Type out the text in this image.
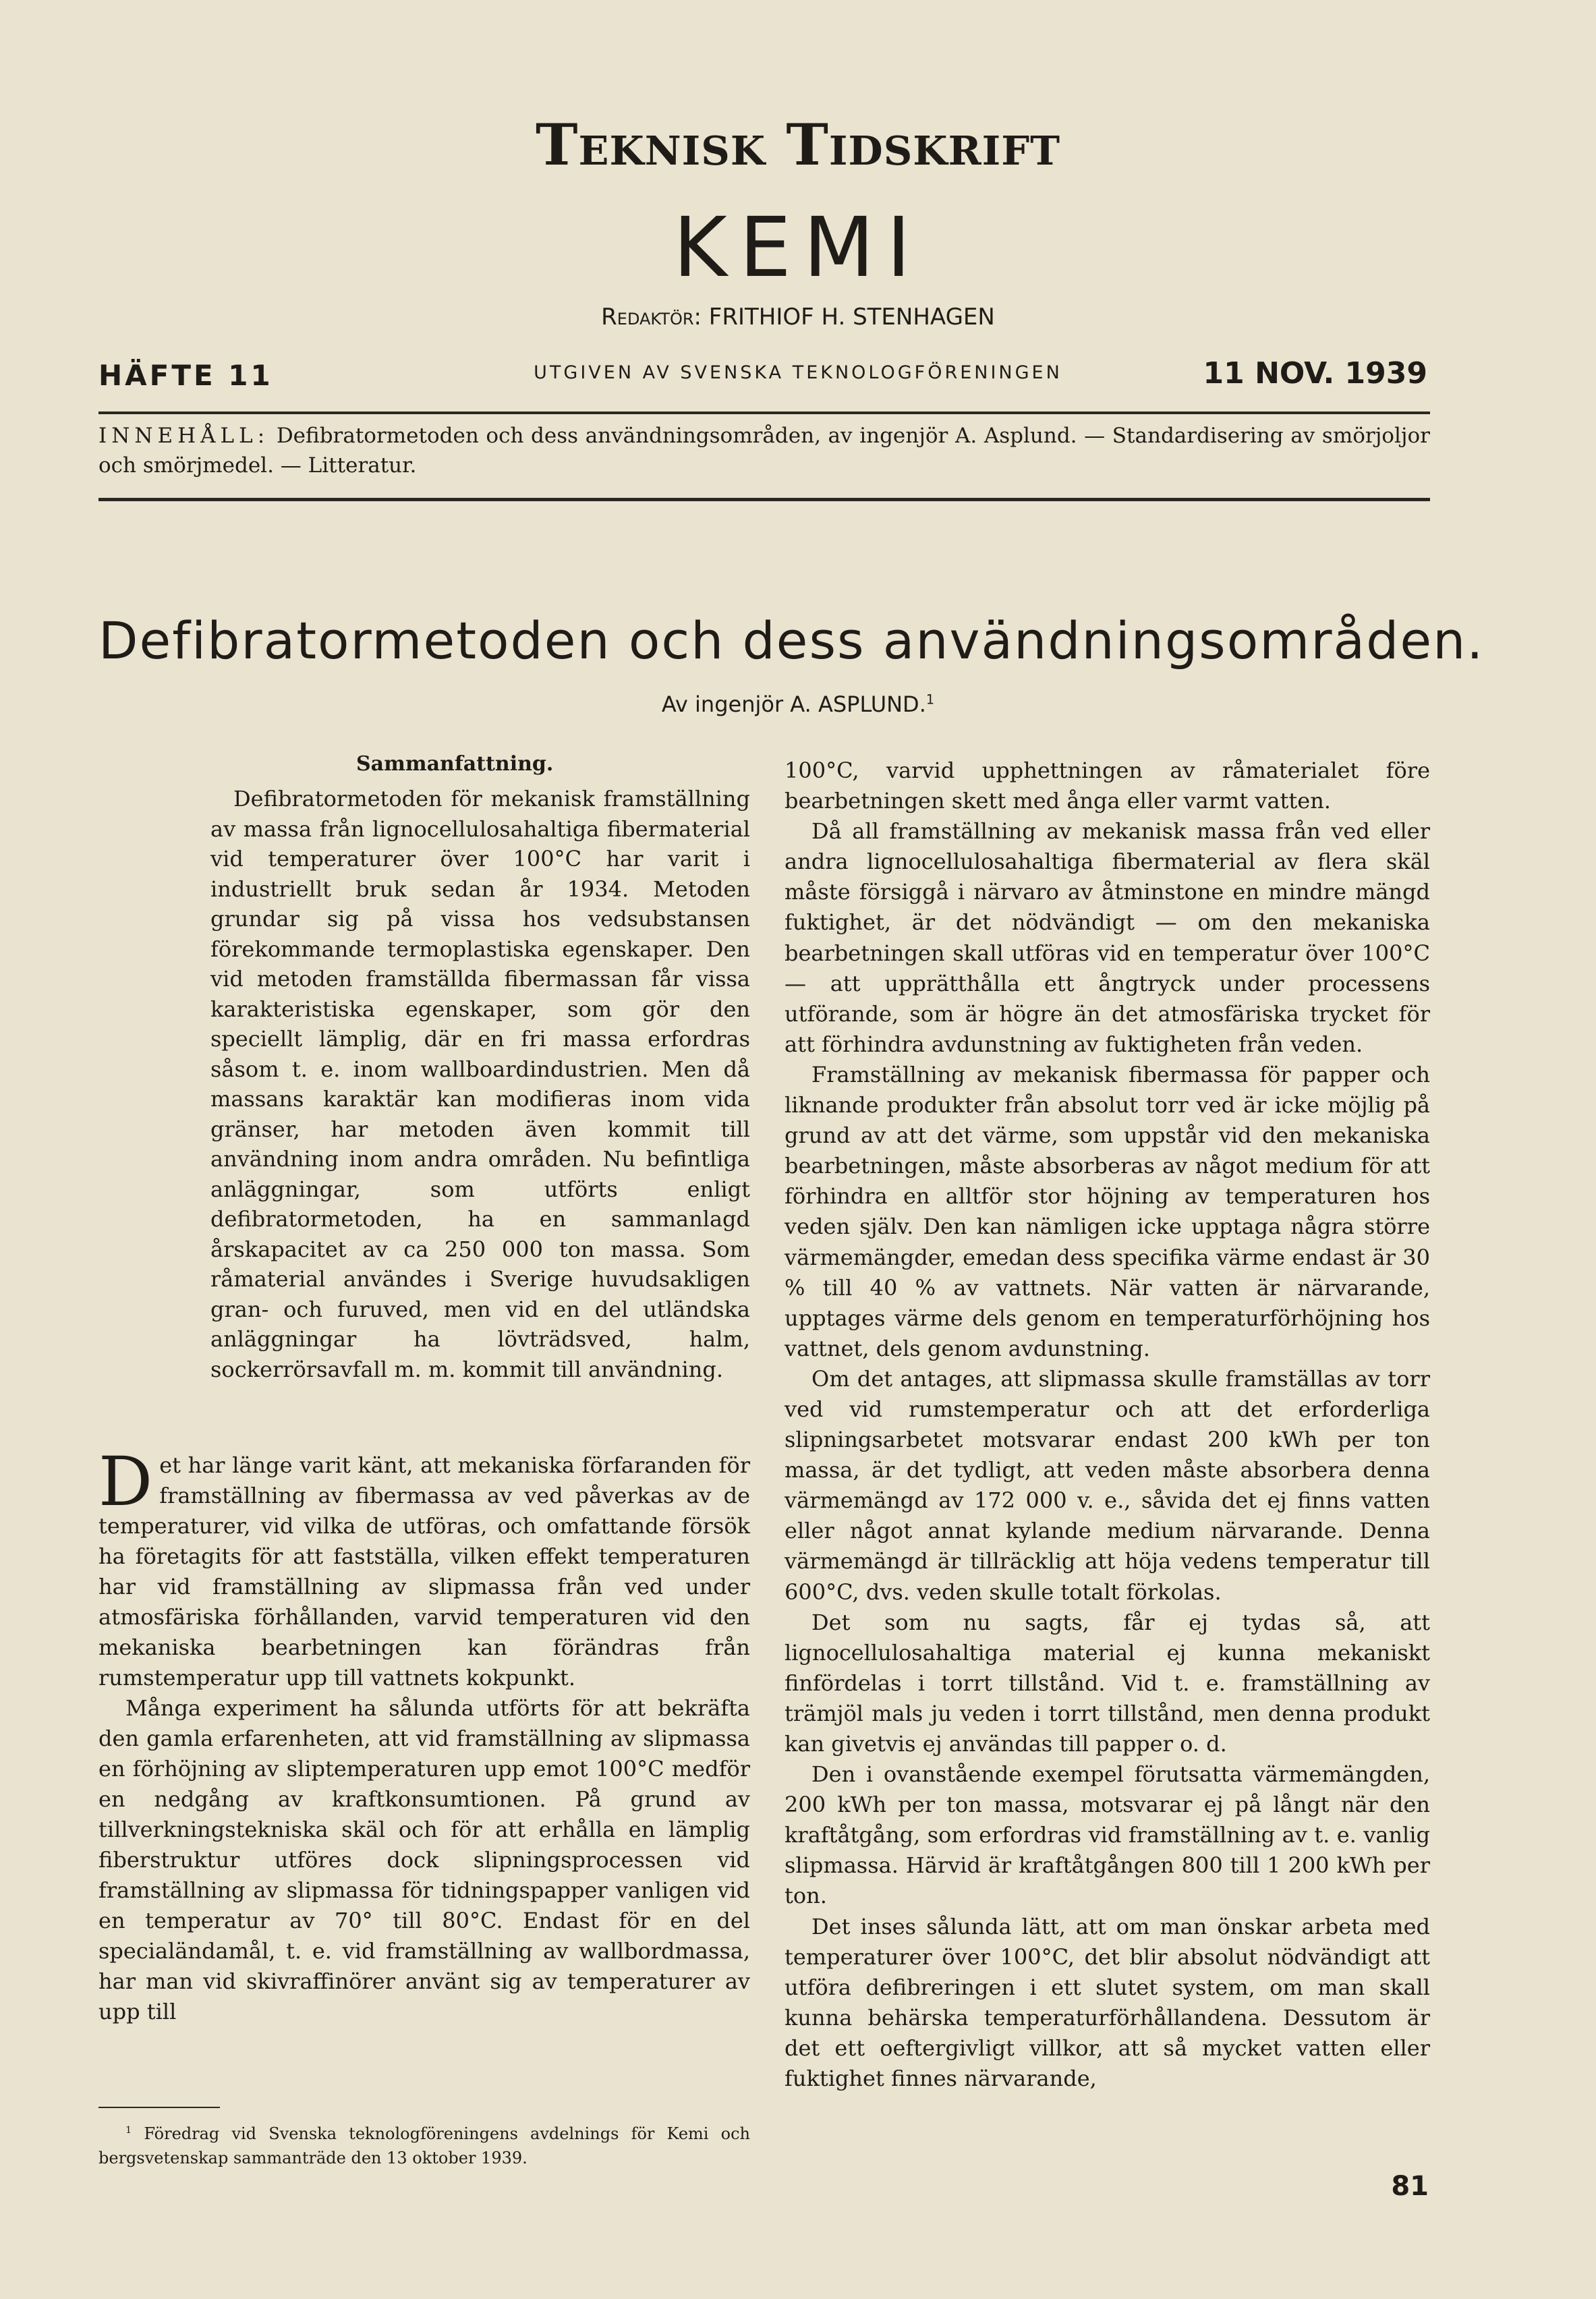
Teknisk Tidskrift
KEMI
Redaktör: FRITHIOF H. STENHAGEN
HÄFTE 11	UTGIVEN AV SVENSKA TEKNOLOGFÖRENINGEN	11 NOV. 1939
INNEHÅLL: Defibratormetoden och dess användningsområden, av ingenjör A. Asplund. — Standardisering av smörjoljor och smörjmedel. — Litteratur.
Defibratormetoden och dess användningsområden.
Av ingenjör A. ASPLUND.$^1$
Sammanfattning.

Defibratormetoden för mekanisk framställning av massa från lignocellulosahaltiga fibermaterial vid temperaturer över 100°C har varit i industriellt bruk sedan år 1934. Metoden grundar sig på vissa hos vedsubstansen förekommande termoplastiska egenskaper. Den vid metoden framställda fibermassan får vissa karakteristiska egenskaper, som gör den speciellt lämplig, där en fri massa erfordras såsom t. e. inom wallboardindustrien. Men då massans karaktär kan modifieras inom vida gränser, har metoden även kommit till användning inom andra områden. Nu befintliga anläggningar, som utförts enligt defibratormetoden, ha en sammanlagd årskapacitet av ca 250 000 ton massa. Som råmaterial användes i Sverige huvudsakligen gran- och furuved, men vid en del utländska anläggningar ha lövträdsved, halm, sockerrörsavfall m. m. kommit till användning.

Det har länge varit känt, att mekaniska förfaranden för framställning av fibermassa av ved påverkas av de temperaturer, vid vilka de utföras, och omfattande försök ha företagits för att fastställa, vilken effekt temperaturen har vid framställning av slipmassa från ved under atmosfäriska förhållanden, varvid temperaturen vid den mekaniska bearbetningen kan förändras från rumstemperatur upp till vattnets kokpunkt.

Många experiment ha sålunda utförts för att bekräfta den gamla erfarenheten, att vid framställning av slipmassa en förhöjning av sliptemperaturen upp emot 100°C medför en nedgång av kraftkonsumtionen. På grund av tillverkningstekniska skäl och för att erhålla en lämplig fiberstruktur utföres dock slipningsprocessen vid framställning av slipmassa för tidningspapper vanligen vid en temperatur av 70° till 80°C. Endast för en del specialändamål, t. e. vid framställning av wallbordmassa, har man vid skivraffinörer använt sig av temperaturer av upp till

100°C, varvid upphettningen av råmaterialet före bearbetningen skett med ånga eller varmt vatten.

Då all framställning av mekanisk massa från ved eller andra lignocellulosahaltiga fibermaterial av flera skäl måste försiggå i närvaro av åtminstone en mindre mängd fuktighet, är det nödvändigt — om den mekaniska bearbetningen skall utföras vid en temperatur över 100°C — att upprätthålla ett ångtryck under processens utförande, som är högre än det atmosfäriska trycket för att förhindra avdunstning av fuktigheten från veden.

Framställning av mekanisk fibermassa för papper och liknande produkter från absolut torr ved är icke möjlig på grund av att det värme, som uppstår vid den mekaniska bearbetningen, måste absorberas av något medium för att förhindra en alltför stor höjning av temperaturen hos veden själv. Den kan nämligen icke upptaga några större värmemängder, emedan dess specifika värme endast är 30 % till 40 % av vattnets. När vatten är närvarande, upptages värme dels genom en temperaturförhöjning hos vattnet, dels genom avdunstning.

Om det antages, att slipmassa skulle framställas av torr ved vid rumstemperatur och att det erforderliga slipningsarbetet motsvarar endast 200 kWh per ton massa, är det tydligt, att veden måste absorbera denna värmemängd av 172 000 v. e., såvida det ej finns vatten eller något annat kylande medium närvarande. Denna värmemängd är tillräcklig att höja vedens temperatur till 600°C, dvs. veden skulle totalt förkolas.

Det som nu sagts, får ej tydas så, att lignocellulosahaltiga material ej kunna mekaniskt finfördelas i torrt tillstånd. Vid t. e. framställning av trämjöl mals ju veden i torrt tillstånd, men denna produkt kan givetvis ej användas till papper o. d.

Den i ovanstående exempel förutsatta värmemängden, 200 kWh per ton massa, motsvarar ej på långt när den kraftåtgång, som erfordras vid framställning av t. e. vanlig slipmassa. Härvid är kraftåtgången 800 till 1 200 kWh per ton.

Det inses sålunda lätt, att om man önskar arbeta med temperaturer över 100°C, det blir absolut nödvändigt att utföra defibreringen i ett slutet system, om man skall kunna behärska temperaturförhållandena. Dessutom är det ett oeftergivligt villkor, att så mycket vatten eller fuktighet finnes närvarande,

$^1$ Föredrag vid Svenska teknologföreningens avdelnings för Kemi och bergsvetenskap sammanträde den 13 oktober 1939.
81
